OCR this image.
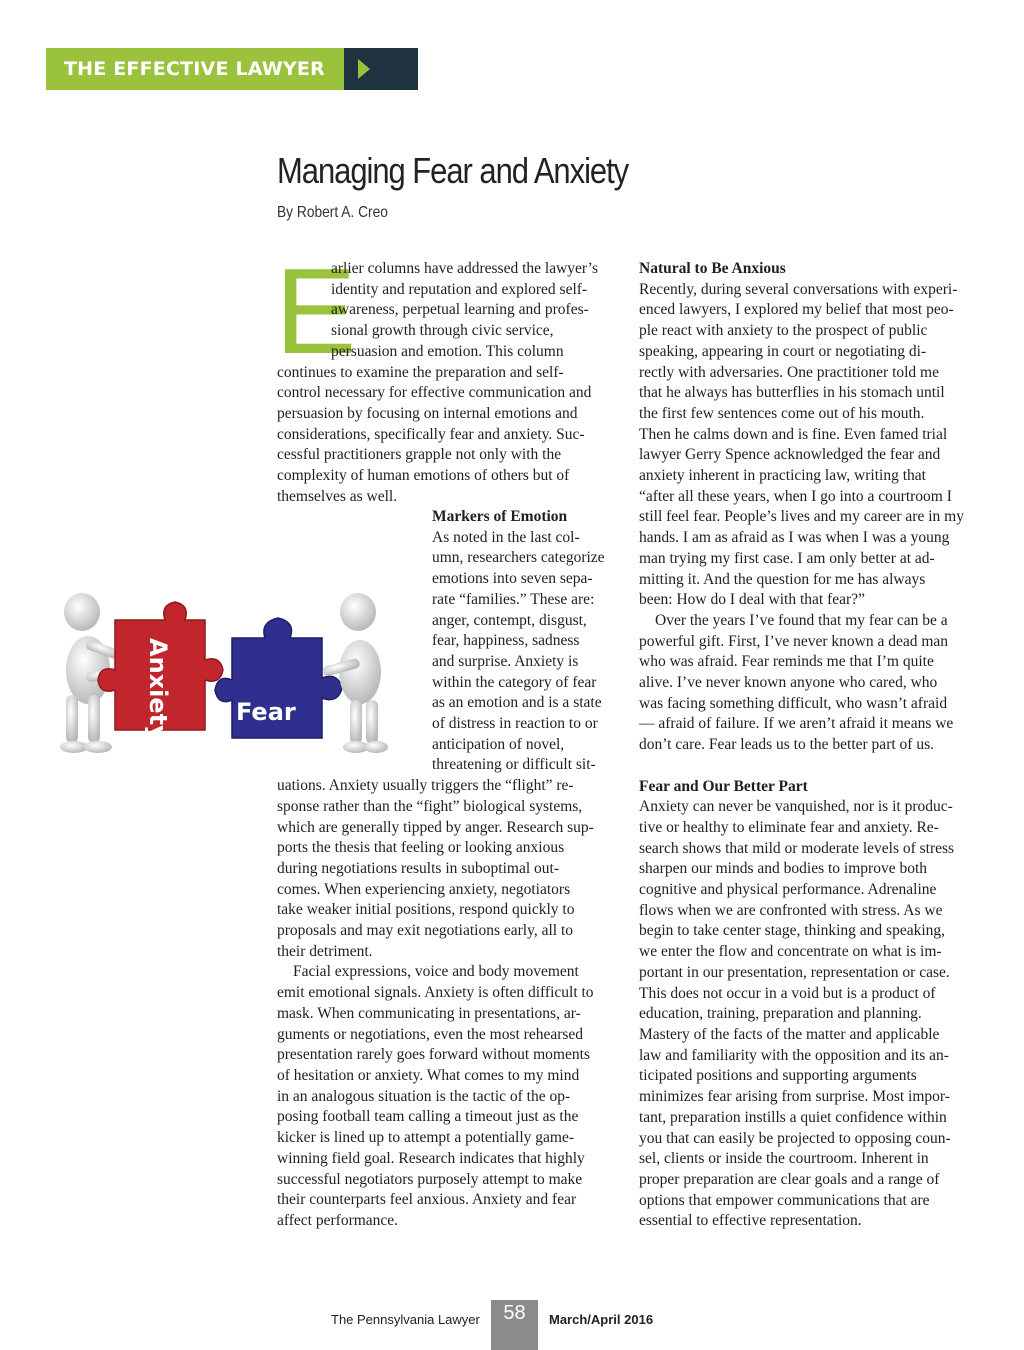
THE EFFECTIVE LAWYER
Managing Fear and Anxiety
By Robert A. Creo
E
arlier columns have addressed the lawyer’s
identity and reputation and explored self-
awareness, perpetual learning and profes-
sional growth through civic service,
persuasion and emotion. This column
continues to examine the preparation and self-
control necessary for effective communication and
persuasion by focusing on internal emotions and
considerations, specifically fear and anxiety. Suc-
cessful practitioners grapple not only with the
complexity of human emotions of others but of
themselves as well.
Markers of Emotion
As noted in the last col-
umn, researchers categorize
emotions into seven sepa-
rate “families.” These are:
anger, contempt, disgust,
fear, happiness, sadness
and surprise. Anxiety is
within the category of fear
as an emotion and is a state
of distress in reaction to or
anticipation of novel,
threatening or difficult sit-
uations. Anxiety usually triggers the “flight” re-
sponse rather than the “fight” biological systems,
which are generally tipped by anger. Research sup-
ports the thesis that feeling or looking anxious
during negotiations results in suboptimal out-
comes. When experiencing anxiety, negotiators
take weaker initial positions, respond quickly to
proposals and may exit negotiations early, all to
their detriment.
Facial expressions, voice and body movement
emit emotional signals. Anxiety is often difficult to
mask. When communicating in presentations, ar-
guments or negotiations, even the most rehearsed
presentation rarely goes forward without moments
of hesitation or anxiety. What comes to my mind
in an analogous situation is the tactic of the op-
posing football team calling a timeout just as the
kicker is lined up to attempt a potentially game-
winning field goal. Research indicates that highly
successful negotiators purposely attempt to make
their counterparts feel anxious. Anxiety and fear
affect performance.
Anxiety	Fear
Natural to Be Anxious
Recently, during several conversations with experi-
enced lawyers, I explored my belief that most peo-
ple react with anxiety to the prospect of public
speaking, appearing in court or negotiating di-
rectly with adversaries. One practitioner told me
that he always has butterflies in his stomach until
the first few sentences come out of his mouth.
Then he calms down and is fine. Even famed trial
lawyer Gerry Spence acknowledged the fear and
anxiety inherent in practicing law, writing that
“after all these years, when I go into a courtroom I
still feel fear. People’s lives and my career are in my
hands. I am as afraid as I was when I was a young
man trying my first case. I am only better at ad-
mitting it. And the question for me has always
been: How do I deal with that fear?”
Over the years I’ve found that my fear can be a
powerful gift. First, I’ve never known a dead man
who was afraid. Fear reminds me that I’m quite
alive. I’ve never known anyone who cared, who
was facing something difficult, who wasn’t afraid
— afraid of failure. If we aren’t afraid it means we
don’t care. Fear leads us to the better part of us.
Fear and Our Better Part
Anxiety can never be vanquished, nor is it produc-
tive or healthy to eliminate fear and anxiety. Re-
search shows that mild or moderate levels of stress
sharpen our minds and bodies to improve both
cognitive and physical performance. Adrenaline
flows when we are confronted with stress. As we
begin to take center stage, thinking and speaking,
we enter the flow and concentrate on what is im-
portant in our presentation, representation or case.
This does not occur in a void but is a product of
education, training, preparation and planning.
Mastery of the facts of the matter and applicable
law and familiarity with the opposition and its an-
ticipated positions and supporting arguments
minimizes fear arising from surprise. Most impor-
tant, preparation instills a quiet confidence within
you that can easily be projected to opposing coun-
sel, clients or inside the courtroom. Inherent in
proper preparation are clear goals and a range of
options that empower communications that are
essential to effective representation.
The Pennsylvania Lawyer	58	March/April 2016
